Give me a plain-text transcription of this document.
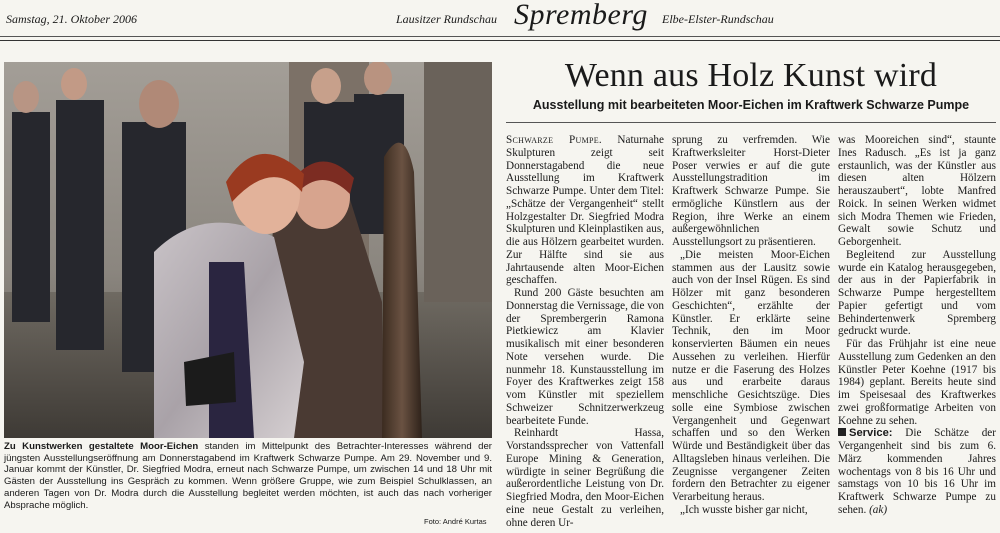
Samstag, 21. Oktober 2006	Lausitzer Rundschau Spremberg Elbe-Elster-Rundschau
Zu Kunstwerken gestaltete Moor-Eichen standen im Mittelpunkt des Betrachter-Interesses während der jüngsten Ausstellungseröffnung am Donnerstagabend im Kraftwerk Schwarze Pumpe. Am 29. November und 9. Januar kommt der Künstler, Dr. Siegfried Modra, erneut nach Schwarze Pumpe, um zwischen 14 und 18 Uhr mit Gästen der Ausstellung ins Gespräch zu kommen. Wenn größere Gruppe, wie zum Beispiel Schulklassen, an anderen Tagen von Dr. Modra durch die Ausstellung begleitet werden möchten, ist auch das nach vorheriger Absprache möglich.
Foto: André Kurtas
Wenn aus Holz Kunst wird
Ausstellung mit bearbeiteten Moor-Eichen im Kraftwerk Schwarze Pumpe

Schwarze Pumpe. Naturnahe Skulpturen zeigt seit Donnerstagabend die neue Ausstellung im Kraftwerk Schwarze Pumpe. Unter dem Titel: „Schätze der Vergangenheit“ stellt Holzgestalter Dr. Siegfried Modra Skulpturen und Kleinplastiken aus, die aus Hölzern gearbeitet wurden. Zur Hälfte sind sie aus Jahrtausende alten Moor-Eichen geschaffen.

Rund 200 Gäste besuchten am Donnerstag die Vernissage, die von der Sprembergerin Ramona Pietkiewicz am Klavier musikalisch mit einer besonderen Note versehen wurde. Die nunmehr 18. Kunstausstellung im Foyer des Kraftwerkes zeigt 158 vom Künstler mit speziellem Schweizer Schnitzerwerkzeug bearbeitete Funde.

Reinhardt Hassa, Vorstandssprecher von Vattenfall Europe Mining & Generation, würdigte in seiner Begrüßung die außerordentliche Leistung von Dr. Siegfried Modra, den Moor-Eichen eine neue Gestalt zu verleihen, ohne deren Ur-

sprung zu verfremden. Wie Kraftwerksleiter Horst-Dieter Poser verwies er auf die gute Ausstellungstradition im Kraftwerk Schwarze Pumpe. Sie ermögliche Künstlern aus der Region, ihre Werke an einem außergewöhnlichen Ausstellungsort zu präsentieren.

„Die meisten Moor-Eichen stammen aus der Lausitz sowie auch von der Insel Rügen. Es sind Hölzer mit ganz besonderen Geschichten“, erzählte der Künstler. Er erklärte seine Technik, den im Moor konservierten Bäumen ein neues Aussehen zu verleihen. Hierfür nutze er die Faserung des Holzes aus und erarbeite daraus menschliche Gesichtszüge. Dies solle eine Symbiose zwischen Vergangenheit und Gegenwart schaffen und so den Werken Würde und Beständigkeit über das Alltagsleben hinaus verleihen. Die Zeugnisse vergangener Zeiten fordern den Betrachter zu eigener Verarbeitung heraus.

„Ich wusste bisher gar nicht,

was Mooreichen sind“, staunte Ines Radusch. „Es ist ja ganz erstaunlich, was der Künstler aus diesen alten Hölzern herauszaubert“, lobte Manfred Roick. In seinen Werken widmet sich Modra Themen wie Frieden, Gewalt sowie Schutz und Geborgenheit.

Begleitend zur Ausstellung wurde ein Katalog herausgegeben, der aus in der Papierfabrik in Schwarze Pumpe hergestelltem Papier gefertigt und vom Behindertenwerk Spremberg gedruckt wurde.

Für das Frühjahr ist eine neue Ausstellung zum Gedenken an den Künstler Peter Koehne (1917 bis 1984) geplant. Bereits heute sind im Speisesaal des Kraftwerkes zwei großformatige Arbeiten von Koehne zu sehen.

Service: Die Schätze der Vergangenheit sind bis zum 6. März kommenden Jahres wochentags von 8 bis 16 Uhr und samstags von 10 bis 16 Uhr im Kraftwerk Schwarze Pumpe zu sehen. (ak)
